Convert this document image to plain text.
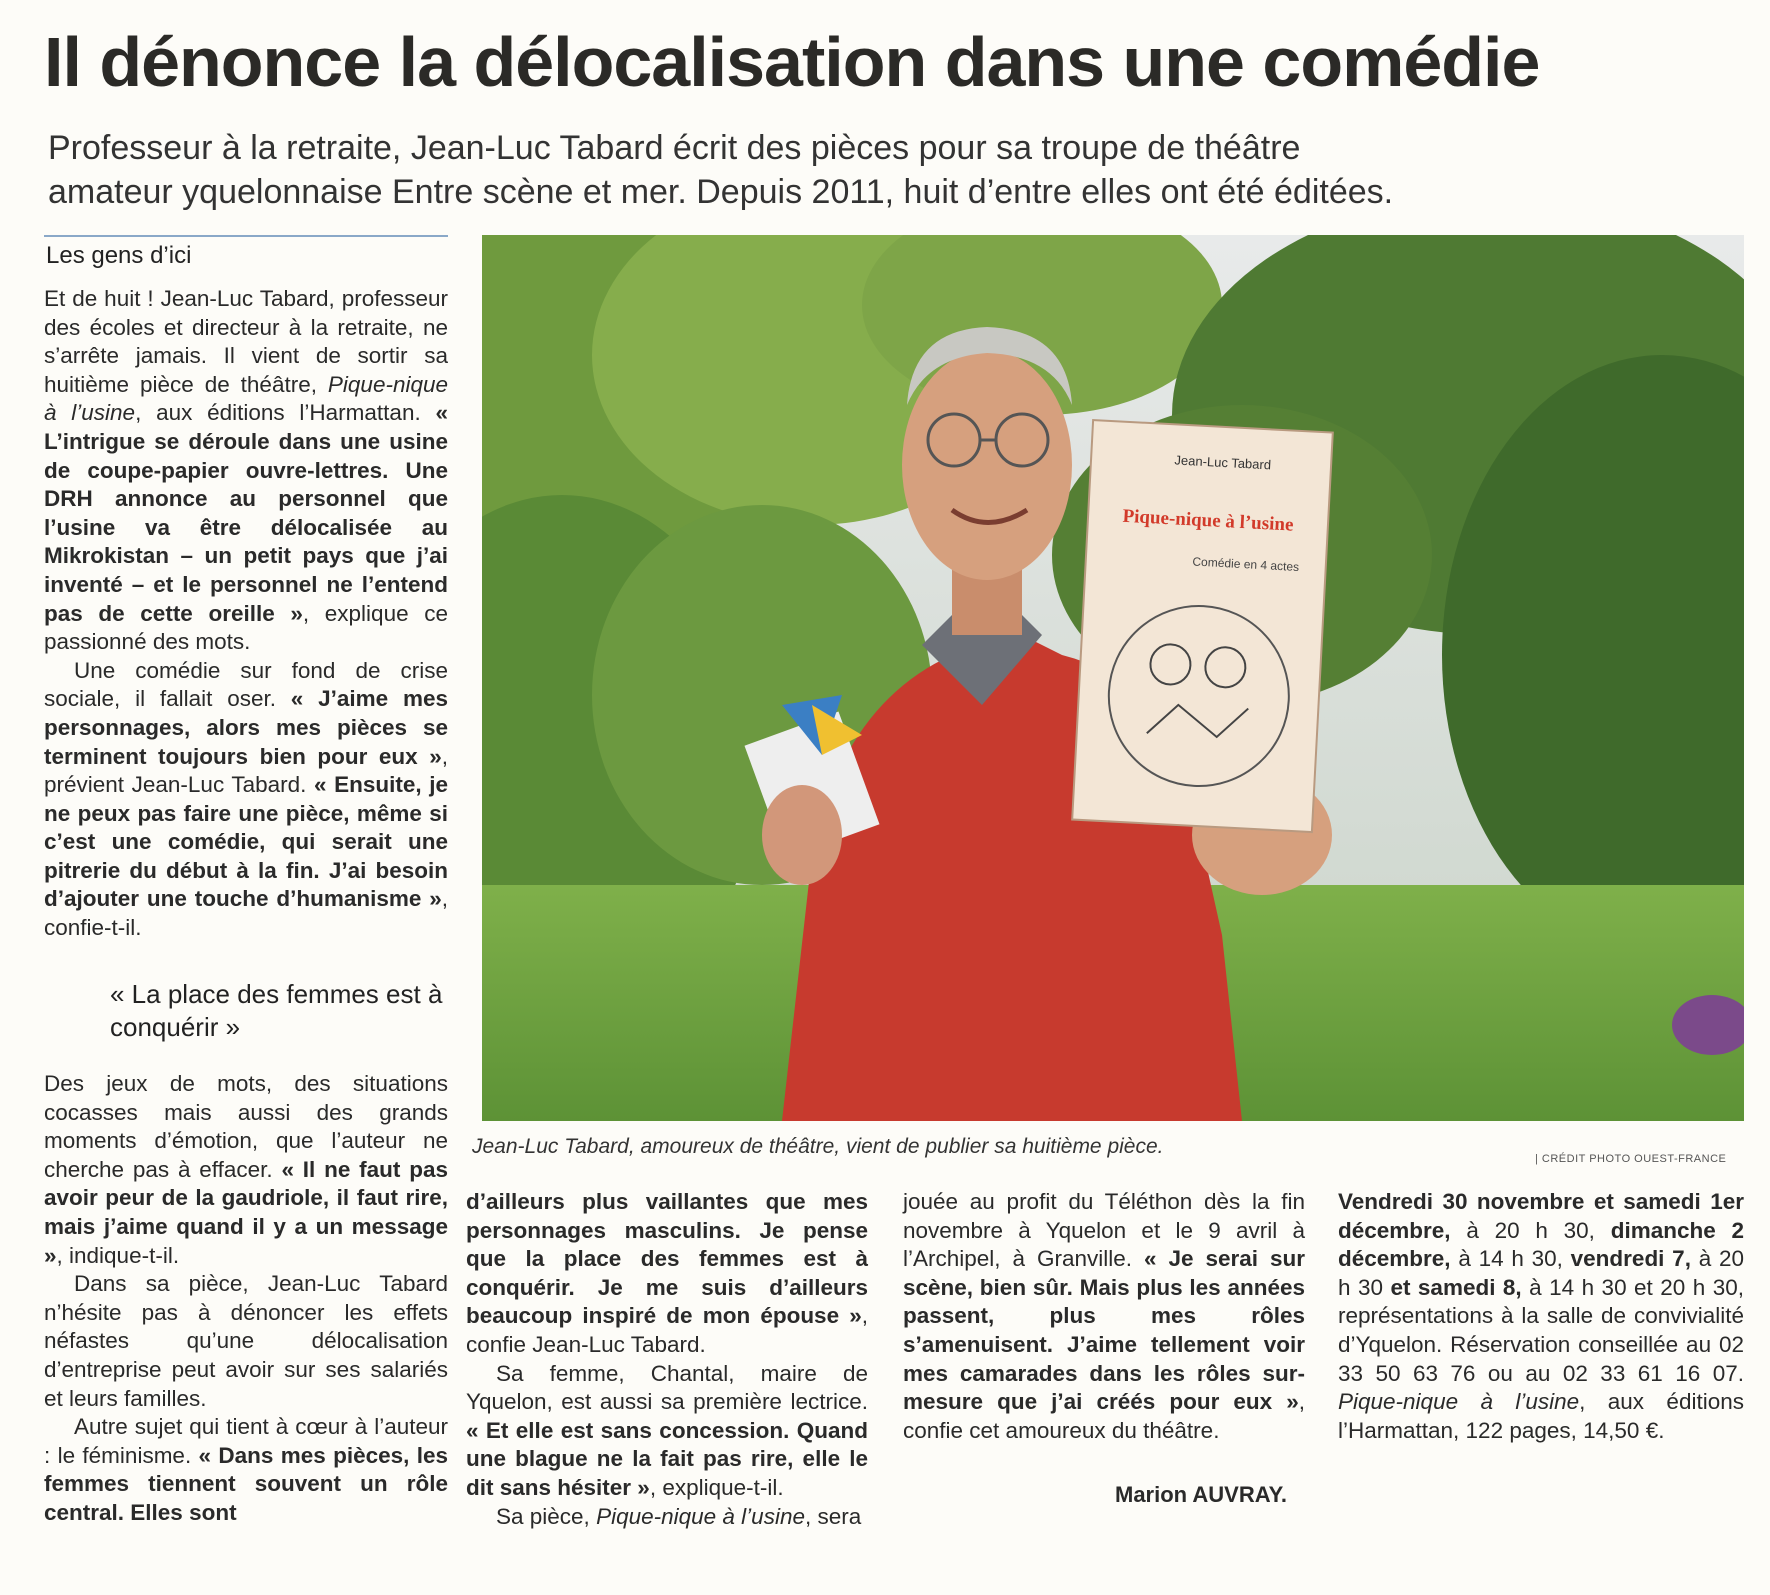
Il dénonce la délocalisation dans une comédie
Professeur à la retraite, Jean-Luc Tabard écrit des pièces pour sa troupe de théâtre amateur yquelonnaise Entre scène et mer. Depuis 2011, huit d’entre elles ont été éditées.
Les gens d’ici

Et de huit ! Jean-Luc Tabard, professeur des écoles et directeur à la retraite, ne s’arrête jamais. Il vient de sortir sa huitième pièce de théâtre, Pique-nique à l’usine, aux éditions l’Harmattan. « L’intrigue se déroule dans une usine de coupe-papier ouvre-lettres. Une DRH annonce au personnel que l’usine va être délocalisée au Mikrokistan – un petit pays que j’ai inventé – et le personnel ne l’entend pas de cette oreille », explique ce passionné des mots.

Une comédie sur fond de crise sociale, il fallait oser. « J’aime mes personnages, alors mes pièces se terminent toujours bien pour eux », prévient Jean-Luc Tabard. « Ensuite, je ne peux pas faire une pièce, même si c’est une comédie, qui serait une pitrerie du début à la fin. J’ai besoin d’ajouter une touche d’humanisme », confie-t-il.

« La place des femmes est à conquérir »

Des jeux de mots, des situations cocasses mais aussi des grands moments d’émotion, que l’auteur ne cherche pas à effacer. « Il ne faut pas avoir peur de la gaudriole, il faut rire, mais j’aime quand il y a un message », indique-t-il.

Dans sa pièce, Jean-Luc Tabard n’hésite pas à dénoncer les effets néfastes qu’une délocalisation d’entreprise peut avoir sur ses salariés et leurs familles.

Autre sujet qui tient à cœur à l’auteur : le féminisme. « Dans mes pièces, les femmes tiennent souvent un rôle central. Elles sont

Jean-Luc Tabard
Pique-nique à l’usine
Comédie en 4 actes
Jean-Luc Tabard, amoureux de théâtre, vient de publier sa huitième pièce.
| CRÉDIT PHOTO OUEST-FRANCE

d’ailleurs plus vaillantes que mes personnages masculins. Je pense que la place des femmes est à conquérir. Je me suis d’ailleurs beaucoup inspiré de mon épouse », confie Jean-Luc Tabard.

Sa femme, Chantal, maire de Yquelon, est aussi sa première lectrice. « Et elle est sans concession. Quand une blague ne la fait pas rire, elle le dit sans hésiter », explique-t-il.

Sa pièce, Pique-nique à l’usine, sera

jouée au profit du Téléthon dès la fin novembre à Yquelon et le 9 avril à l’Archipel, à Granville. « Je serai sur scène, bien sûr. Mais plus les années passent, plus mes rôles s’amenuisent. J’aime tellement voir mes camarades dans les rôles sur-mesure que j’ai créés pour eux », confie cet amoureux du théâtre.

Vendredi 30 novembre et samedi 1er décembre, à 20 h 30, dimanche 2 décembre, à 14 h 30, vendredi 7, à 20 h 30 et samedi 8, à 14 h 30 et 20 h 30, représentations à la salle de convivialité d’Yquelon. Réservation conseillée au 02 33 50 63 76 ou au 02 33 61 16 07. Pique-nique à l’usine, aux éditions l’Harmattan, 122 pages, 14,50 €.

Marion AUVRAY.
